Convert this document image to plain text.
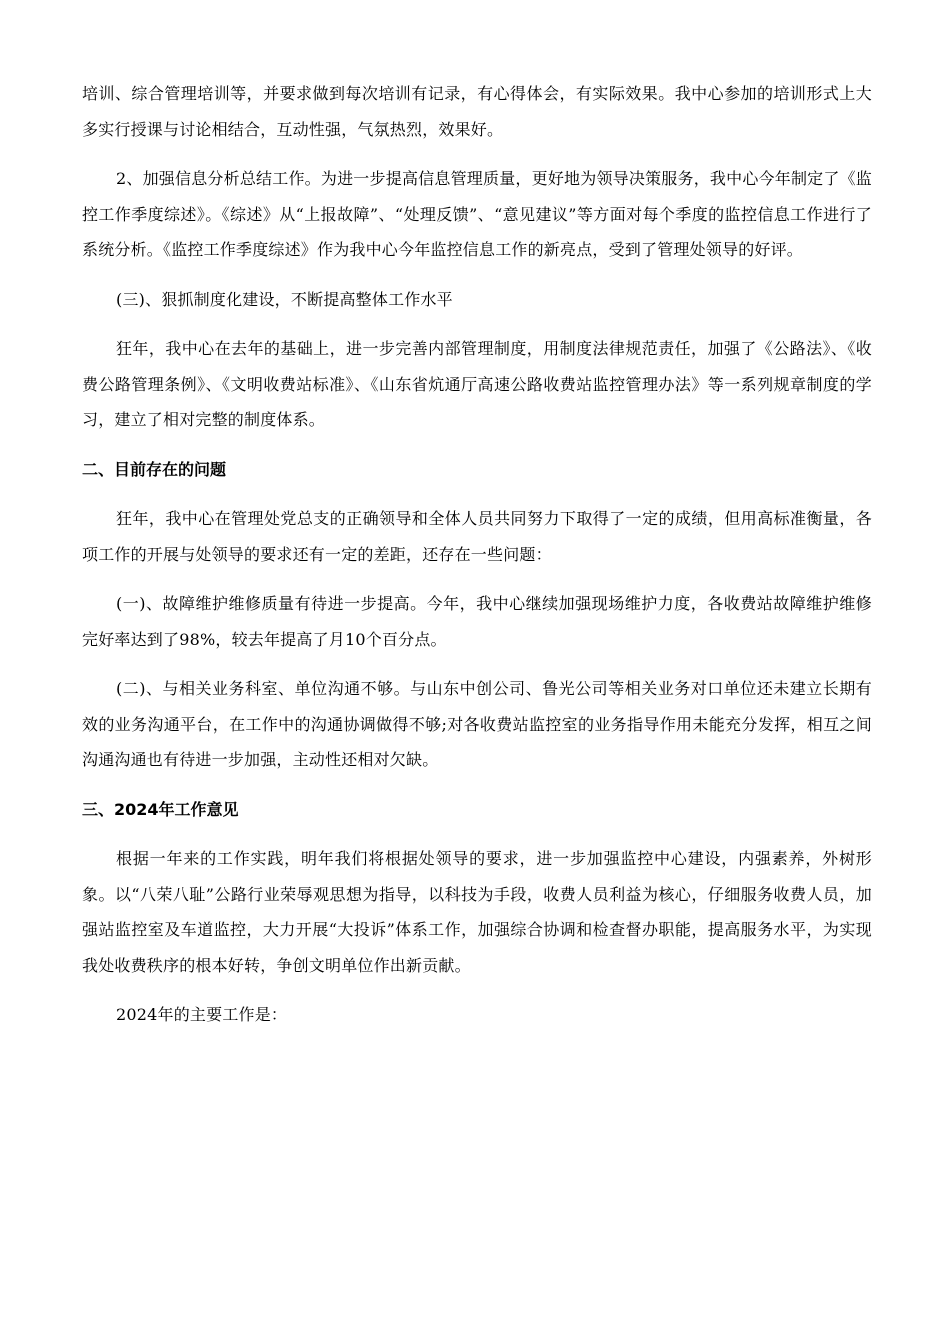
培训、综合管理培训等，并要求做到每次培训有记录，有心得体会，有实际效果。我中心参加的培训形式上大多实行授课与讨论相结合，互动性强，气氛热烈，效果好。

2、加强信息分析总结工作。为进一步提高信息管理质量，更好地为领导决策服务，我中心今年制定了《监控工作季度综述》。《综述》从“上报故障”、“处理反馈”、“意见建议”等方面对每个季度的监控信息工作进行了系统分析。《监控工作季度综述》作为我中心今年监控信息工作的新亮点，受到了管理处领导的好评。

(三)、狠抓制度化建设，不断提高整体工作水平

狂年，我中心在去年的基础上，进一步完善内部管理制度，用制度法律规范责任，加强了《公路法》、《收费公路管理条例》、《文明收费站标准》、《山东省炕通厅高速公路收费站监控管理办法》等一系列规章制度的学习，建立了相对完整的制度体系。

二、目前存在的问题

狂年，我中心在管理处党总支的正确领导和全体人员共同努力下取得了一定的成绩，但用高标准衡量，各项工作的开展与处领导的要求还有一定的差距，还存在一些问题：

(一)、故障维护维修质量有待进一步提高。今年，我中心继续加强现场维护力度，各收费站故障维护维修完好率达到了98%，较去年提高了月10个百分点。

(二)、与相关业务科室、单位沟通不够。与山东中创公司、鲁光公司等相关业务对口单位还未建立长期有效的业务沟通平台，在工作中的沟通协调做得不够;对各收费站监控室的业务指导作用未能充分发挥，相互之间沟通沟通也有待进一步加强，主动性还相对欠缺。

三、2024年工作意见

根据一年来的工作实践，明年我们将根据处领导的要求，进一步加强监控中心建设，内强素养，外树形象。以“八荣八耻”公路行业荣辱观思想为指导，以科技为手段，收费人员利益为核心，仔细服务收费人员，加强站监控室及车道监控，大力开展“大投诉”体系工作，加强综合协调和检查督办职能，提高服务水平，为实现我处收费秩序的根本好转，争创文明单位作出新贡献。

2024年的主要工作是：
